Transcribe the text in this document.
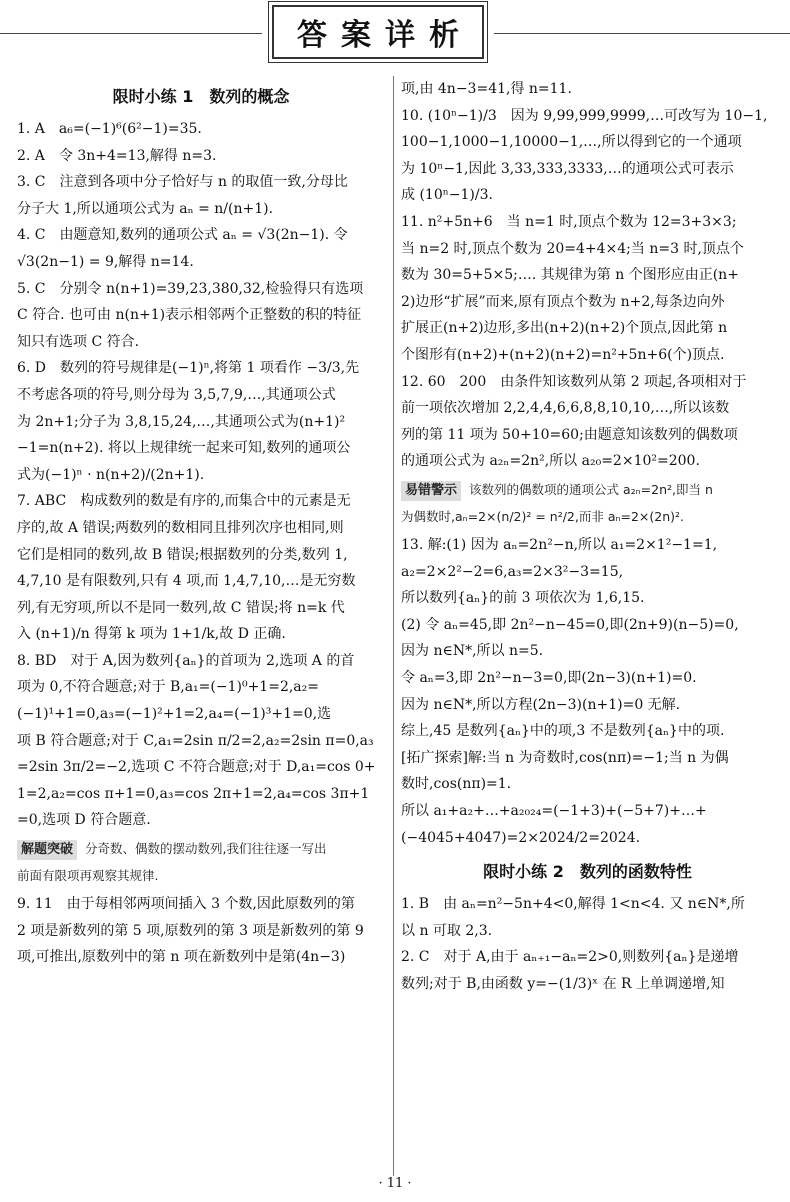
答案详析
限时小练 1　数列的概念

1. A　a₆=(−1)⁶(6²−1)=35.

2. A　令 3n+4=13,解得 n=3.

3. C　注意到各项中分子恰好与 n 的取值一致,分母比

分子大 1,所以通项公式为 aₙ = n/(n+1).

4. C　由题意知,数列的通项公式 aₙ = √3(2n−1). 令

√3(2n−1) = 9,解得 n=14.

5. C　分别令 n(n+1)=39,23,380,32,检验得只有选项

C 符合. 也可由 n(n+1)表示相邻两个正整数的积的特征

知只有选项 C 符合.

6. D　数列的符号规律是(−1)ⁿ,将第 1 项看作 −3/3,先

不考虑各项的符号,则分母为 3,5,7,9,…,其通项公式

为 2n+1;分子为 3,8,15,24,…,其通项公式为(n+1)²

−1=n(n+2). 将以上规律统一起来可知,数列的通项公

式为(−1)ⁿ · n(n+2)/(2n+1).

7. ABC　构成数列的数是有序的,而集合中的元素是无

序的,故 A 错误;两数列的数相同且排列次序也相同,则

它们是相同的数列,故 B 错误;根据数列的分类,数列 1,

4,7,10 是有限数列,只有 4 项,而 1,4,7,10,…是无穷数

列,有无穷项,所以不是同一数列,故 C 错误;将 n=k 代

入 (n+1)/n 得第 k 项为 1+1/k,故 D 正确.

8. BD　对于 A,因为数列{aₙ}的首项为 2,选项 A 的首

项为 0,不符合题意;对于 B,a₁=(−1)⁰+1=2,a₂=

(−1)¹+1=0,a₃=(−1)²+1=2,a₄=(−1)³+1=0,选

项 B 符合题意;对于 C,a₁=2sin π/2=2,a₂=2sin π=0,a₃

=2sin 3π/2=−2,选项 C 不符合题意;对于 D,a₁=cos 0+

1=2,a₂=cos π+1=0,a₃=cos 2π+1=2,a₄=cos 3π+1

=0,选项 D 符合题意.

解题突破 分奇数、偶数的摆动数列,我们往往逐一写出

前面有限项再观察其规律.

9. 11　由于每相邻两项间插入 3 个数,因此原数列的第

2 项是新数列的第 5 项,原数列的第 3 项是新数列的第 9

项,可推出,原数列中的第 n 项在新数列中是第(4n−3)

项,由 4n−3=41,得 n=11.

10. (10ⁿ−1)/3　因为 9,99,999,9999,…可改写为 10−1,

100−1,1000−1,10000−1,…,所以得到它的一个通项

为 10ⁿ−1,因此 3,33,333,3333,…的通项公式可表示

成 (10ⁿ−1)/3.

11. n²+5n+6　当 n=1 时,顶点个数为 12=3+3×3;

当 n=2 时,顶点个数为 20=4+4×4;当 n=3 时,顶点个

数为 30=5+5×5;…. 其规律为第 n 个图形应由正(n+

2)边形“扩展”而来,原有顶点个数为 n+2,每条边向外

扩展正(n+2)边形,多出(n+2)(n+2)个顶点,因此第 n

个图形有(n+2)+(n+2)(n+2)=n²+5n+6(个)顶点.

12. 60　200　由条件知该数列从第 2 项起,各项相对于

前一项依次增加 2,2,4,4,6,6,8,8,10,10,…,所以该数

列的第 11 项为 50+10=60;由题意知该数列的偶数项

的通项公式为 a₂ₙ=2n²,所以 a₂₀=2×10²=200.

易错警示 该数列的偶数项的通项公式 a₂ₙ=2n²,即当 n

为偶数时,aₙ=2×(n/2)² = n²/2,而非 aₙ=2×(2n)².

13. 解:(1) 因为 aₙ=2n²−n,所以 a₁=2×1²−1=1,

a₂=2×2²−2=6,a₃=2×3²−3=15,

所以数列{aₙ}的前 3 项依次为 1,6,15.

(2) 令 aₙ=45,即 2n²−n−45=0,即(2n+9)(n−5)=0,

因为 n∈N*,所以 n=5.

令 aₙ=3,即 2n²−n−3=0,即(2n−3)(n+1)=0.

因为 n∈N*,所以方程(2n−3)(n+1)=0 无解.

综上,45 是数列{aₙ}中的项,3 不是数列{aₙ}中的项.

[拓广探索]解:当 n 为奇数时,cos(nπ)=−1;当 n 为偶

数时,cos(nπ)=1.

所以 a₁+a₂+…+a₂₀₂₄=(−1+3)+(−5+7)+…+

(−4045+4047)=2×2024/2=2024.

限时小练 2　数列的函数特性

1. B　由 aₙ=n²−5n+4<0,解得 1<n<4. 又 n∈N*,所

以 n 可取 2,3.

2. C　对于 A,由于 aₙ₊₁−aₙ=2>0,则数列{aₙ}是递增

数列;对于 B,由函数 y=−(1/3)ˣ 在 R 上单调递增,知

· 11 ·
